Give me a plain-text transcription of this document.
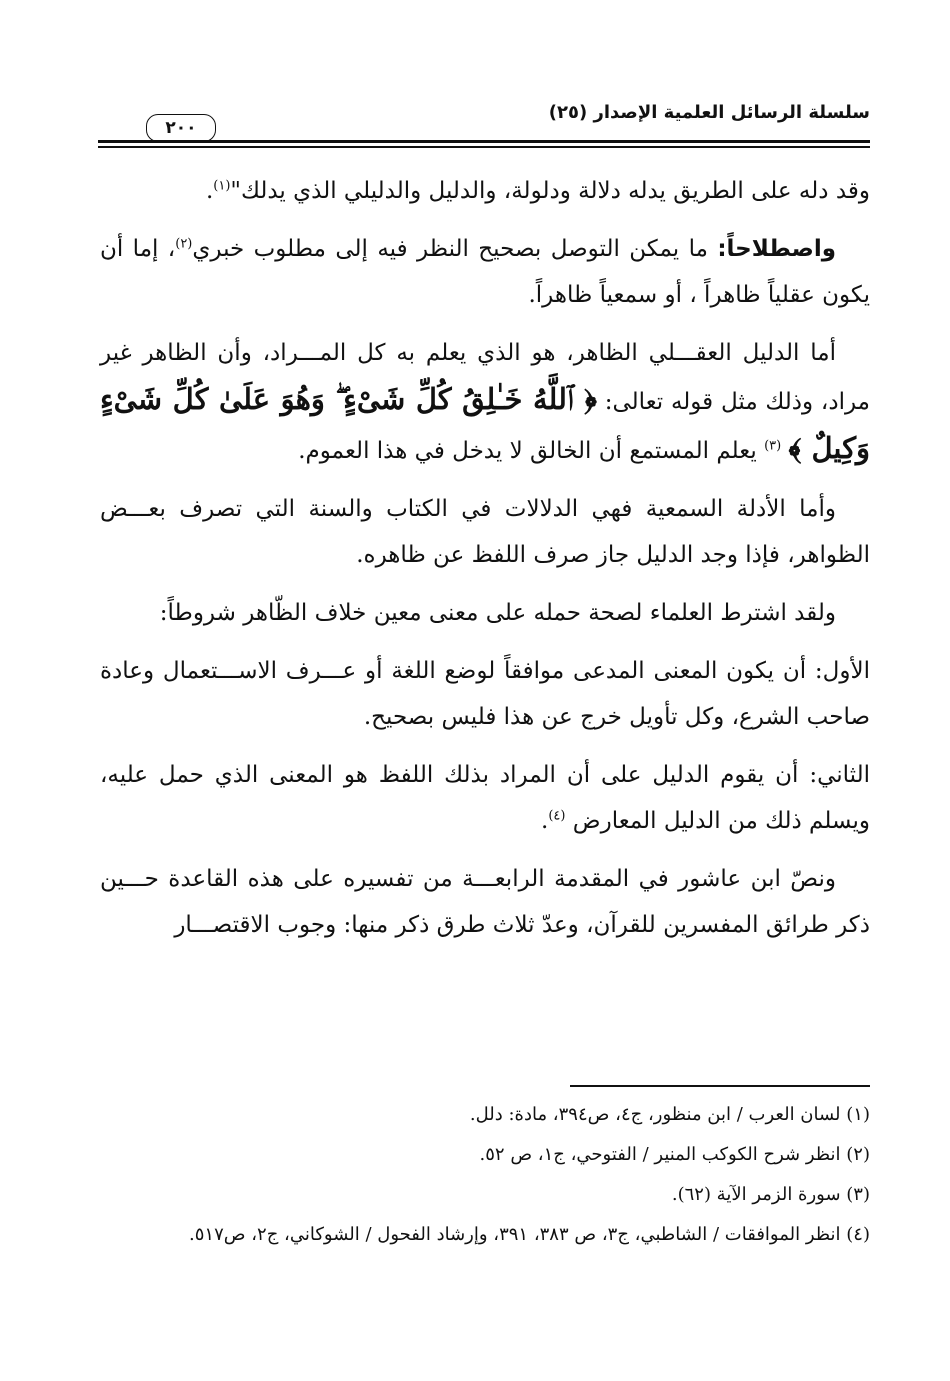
سلسلة الرسائل العلمية الإصدار (٢٥)
٢٠٠

وقد دله على الطريق يدله دلالة ودلولة، والدليل والدليلي الذي يدلك"$^{(١)}$.

واصطلاحاً: ما يمكن التوصل بصحيح النظر فيه إلى مطلوب خبري$^{(٢)}$، إما أن يكون عقلياً ظاهراً ، أو سمعياً ظاهراً.

أما الدليل العقـــلي الظاهر، هو الذي يعلم به كل المـــراد، وأن الظاهر غير مراد، وذلك مثل قوله تعالى: ﴿ ٱللَّهُ خَـٰلِقُ كُلِّ شَىْءٍ ۖ وَهُوَ عَلَىٰ كُلِّ شَىْءٍ وَكِيلٌ ﴾ $^{(٣)}$ يعلم المستمع أن الخالق لا يدخل في هذا العموم.

وأما الأدلة السمعية فهي الدلالات في الكتاب والسنة التي تصرف بعـــض الظواهر، فإذا وجد الدليل جاز صرف اللفظ عن ظاهره.

ولقد اشترط العلماء لصحة حمله على معنى معين خلاف الظّاهر شروطاً:

الأول: أن يكون المعنى المدعى موافقاً لوضع اللغة أو عـــرف الاســـتعمال وعادة صاحب الشرع، وكل تأويل خرج عن هذا فليس بصحيح.

الثاني: أن يقوم الدليل على أن المراد بذلك اللفظ هو المعنى الذي حمل عليه، ويسلم ذلك من الدليل المعارض $^{(٤)}$.

ونصّ ابن عاشور في المقدمة الرابعـــة من تفسيره على هذه القاعدة حـــين ذكر طرائق المفسرين للقرآن، وعدّ ثلاث طرق ذكر منها: وجوب الاقتصـــار

(١) لسان العرب / ابن منظور، ج٤، ص٣٩٤، مادة: دلل.
(٢) انظر شرح الكوكب المنير / الفتوحي، ج١، ص ٥٢.
(٣) سورة الزمر الآية (٦٢).
(٤) انظر الموافقات / الشاطبي، ج٣، ص ٣٨٣، ٣٩١، وإرشاد الفحول / الشوكاني، ج٢، ص٥١٧.
